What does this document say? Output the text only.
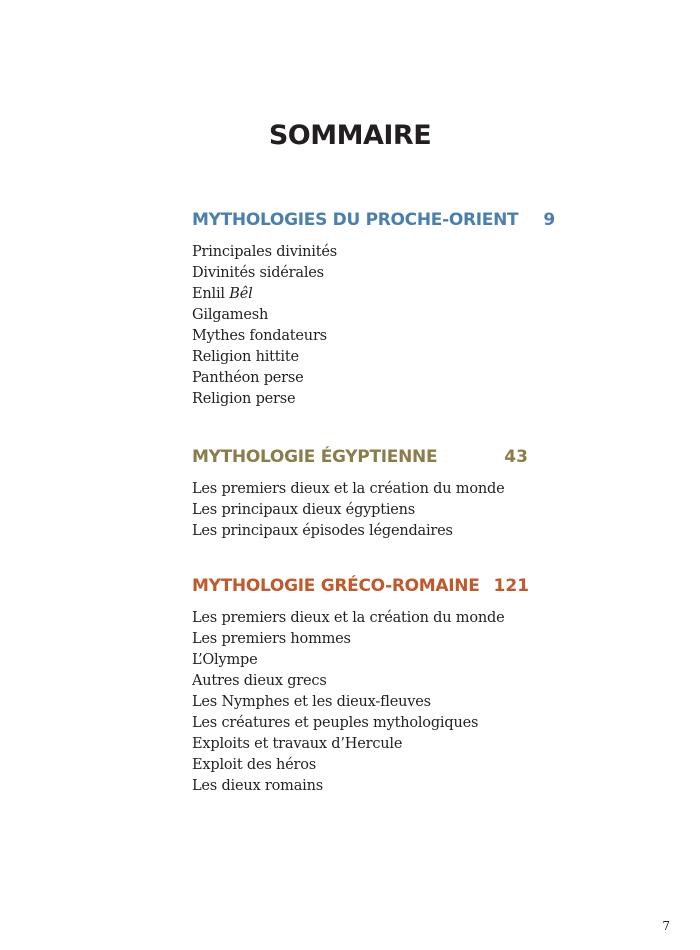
SOMMAIRE
MYTHOLOGIES DU PROCHE-ORIENT 9
Principales divinités
Divinités sidérales
Enlil Bêl
Gilgamesh
Mythes fondateurs
Religion hittite
Panthéon perse
Religion perse
MYTHOLOGIE ÉGYPTIENNE	43
Les premiers dieux et la création du monde
Les principaux dieux égyptiens
Les principaux épisodes légendaires
MYTHOLOGIE GRÉCO-ROMAINE 121
Les premiers dieux et la création du monde
Les premiers hommes
L’Olympe
Autres dieux grecs
Les Nymphes et les dieux-fleuves
Les créatures et peuples mythologiques
Exploits et travaux d’Hercule
Exploit des héros
Les dieux romains
7
